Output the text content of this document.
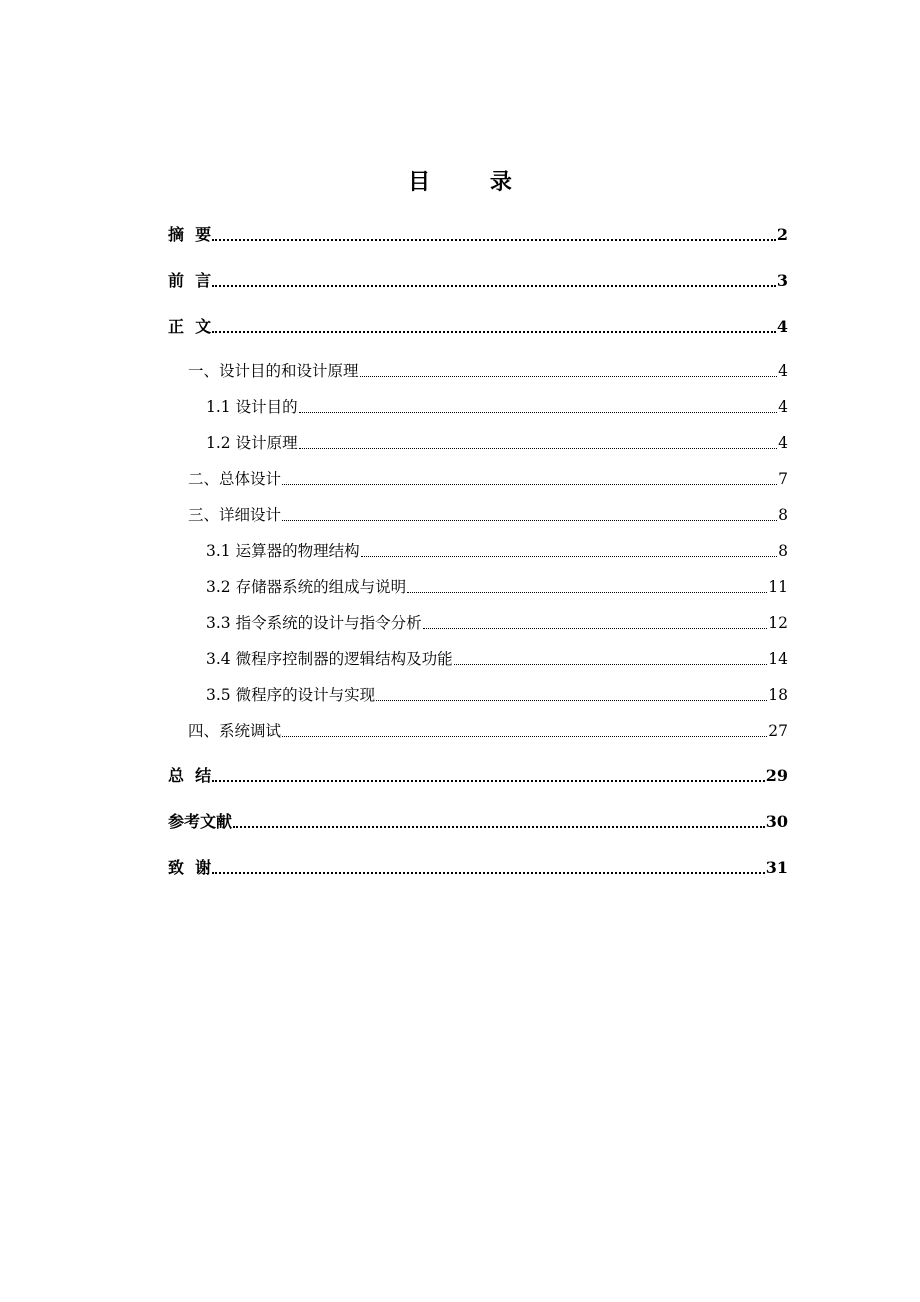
目 录
摘  要	2
前  言	3
正  文	4
一、设计目的和设计原理	4
1.1 设计目的	4
1.2 设计原理	4
二、总体设计	7
三、详细设计	8
3.1 运算器的物理结构	8
3.2 存储器系统的组成与说明	11
3.3 指令系统的设计与指令分析	12
3.4 微程序控制器的逻辑结构及功能	14
3.5 微程序的设计与实现	18
四、系统调试	27
总  结	29
参考文献	30
致  谢	31
